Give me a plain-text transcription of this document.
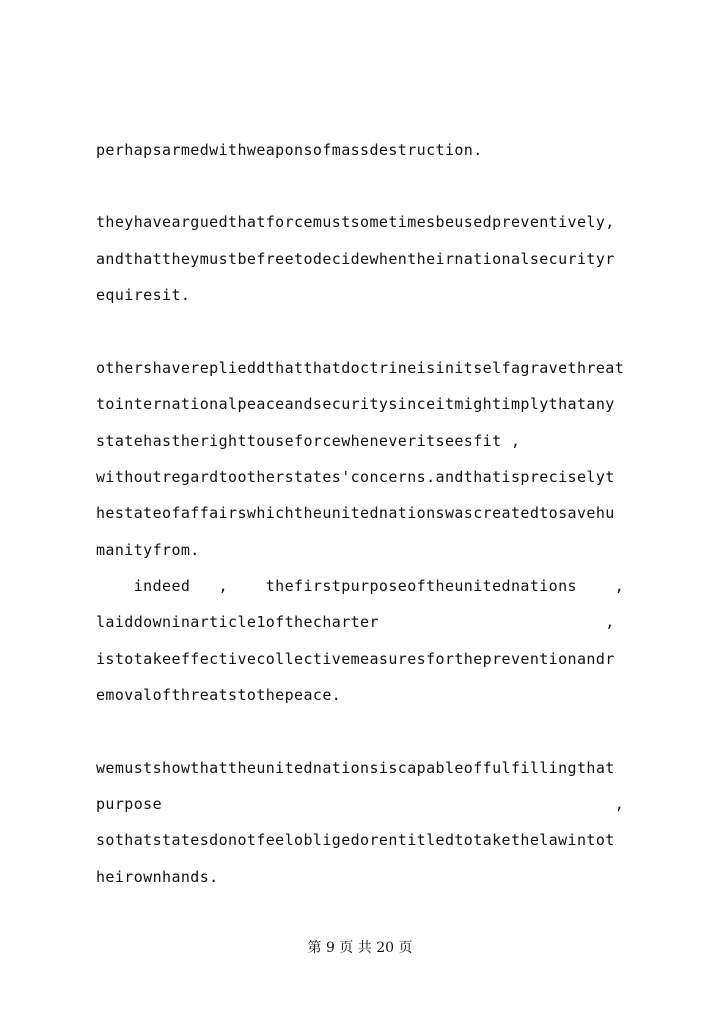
perhapsarmedwithweaponsofmassdestruction.
theyhavearguedthatforcemustsometimesbeusedpreventively,
andthattheymustbefreetodecidewhentheirnationalsecurityr
equiresit.
othershavereplieddthatthatdoctrineisinitselfagravethreat
tointernationalpeaceandsecuritysinceitmightimplythatany
statehastherighttouseforcewheneveritseesfit ,
withoutregardtootherstates'concerns.andthatispreciselyt
hestateofaffairswhichtheunitednationswascreatedtosavehu
manityfrom.
indeed   ,    thefirstpurposeoftheunitednations    ,
laiddowninarticle1ofthecharter                        ,
istotakeeffectivecollectivemeasuresforthepreventionandr
emovalofthreatstothepeace.
wemustshowthattheunitednationsiscapableoffulfillingthat
purpose                                                ,
sothatstatesdonotfeelobligedorentitledtotakethelawintot
heirownhands.
第 9 页 共 20 页
